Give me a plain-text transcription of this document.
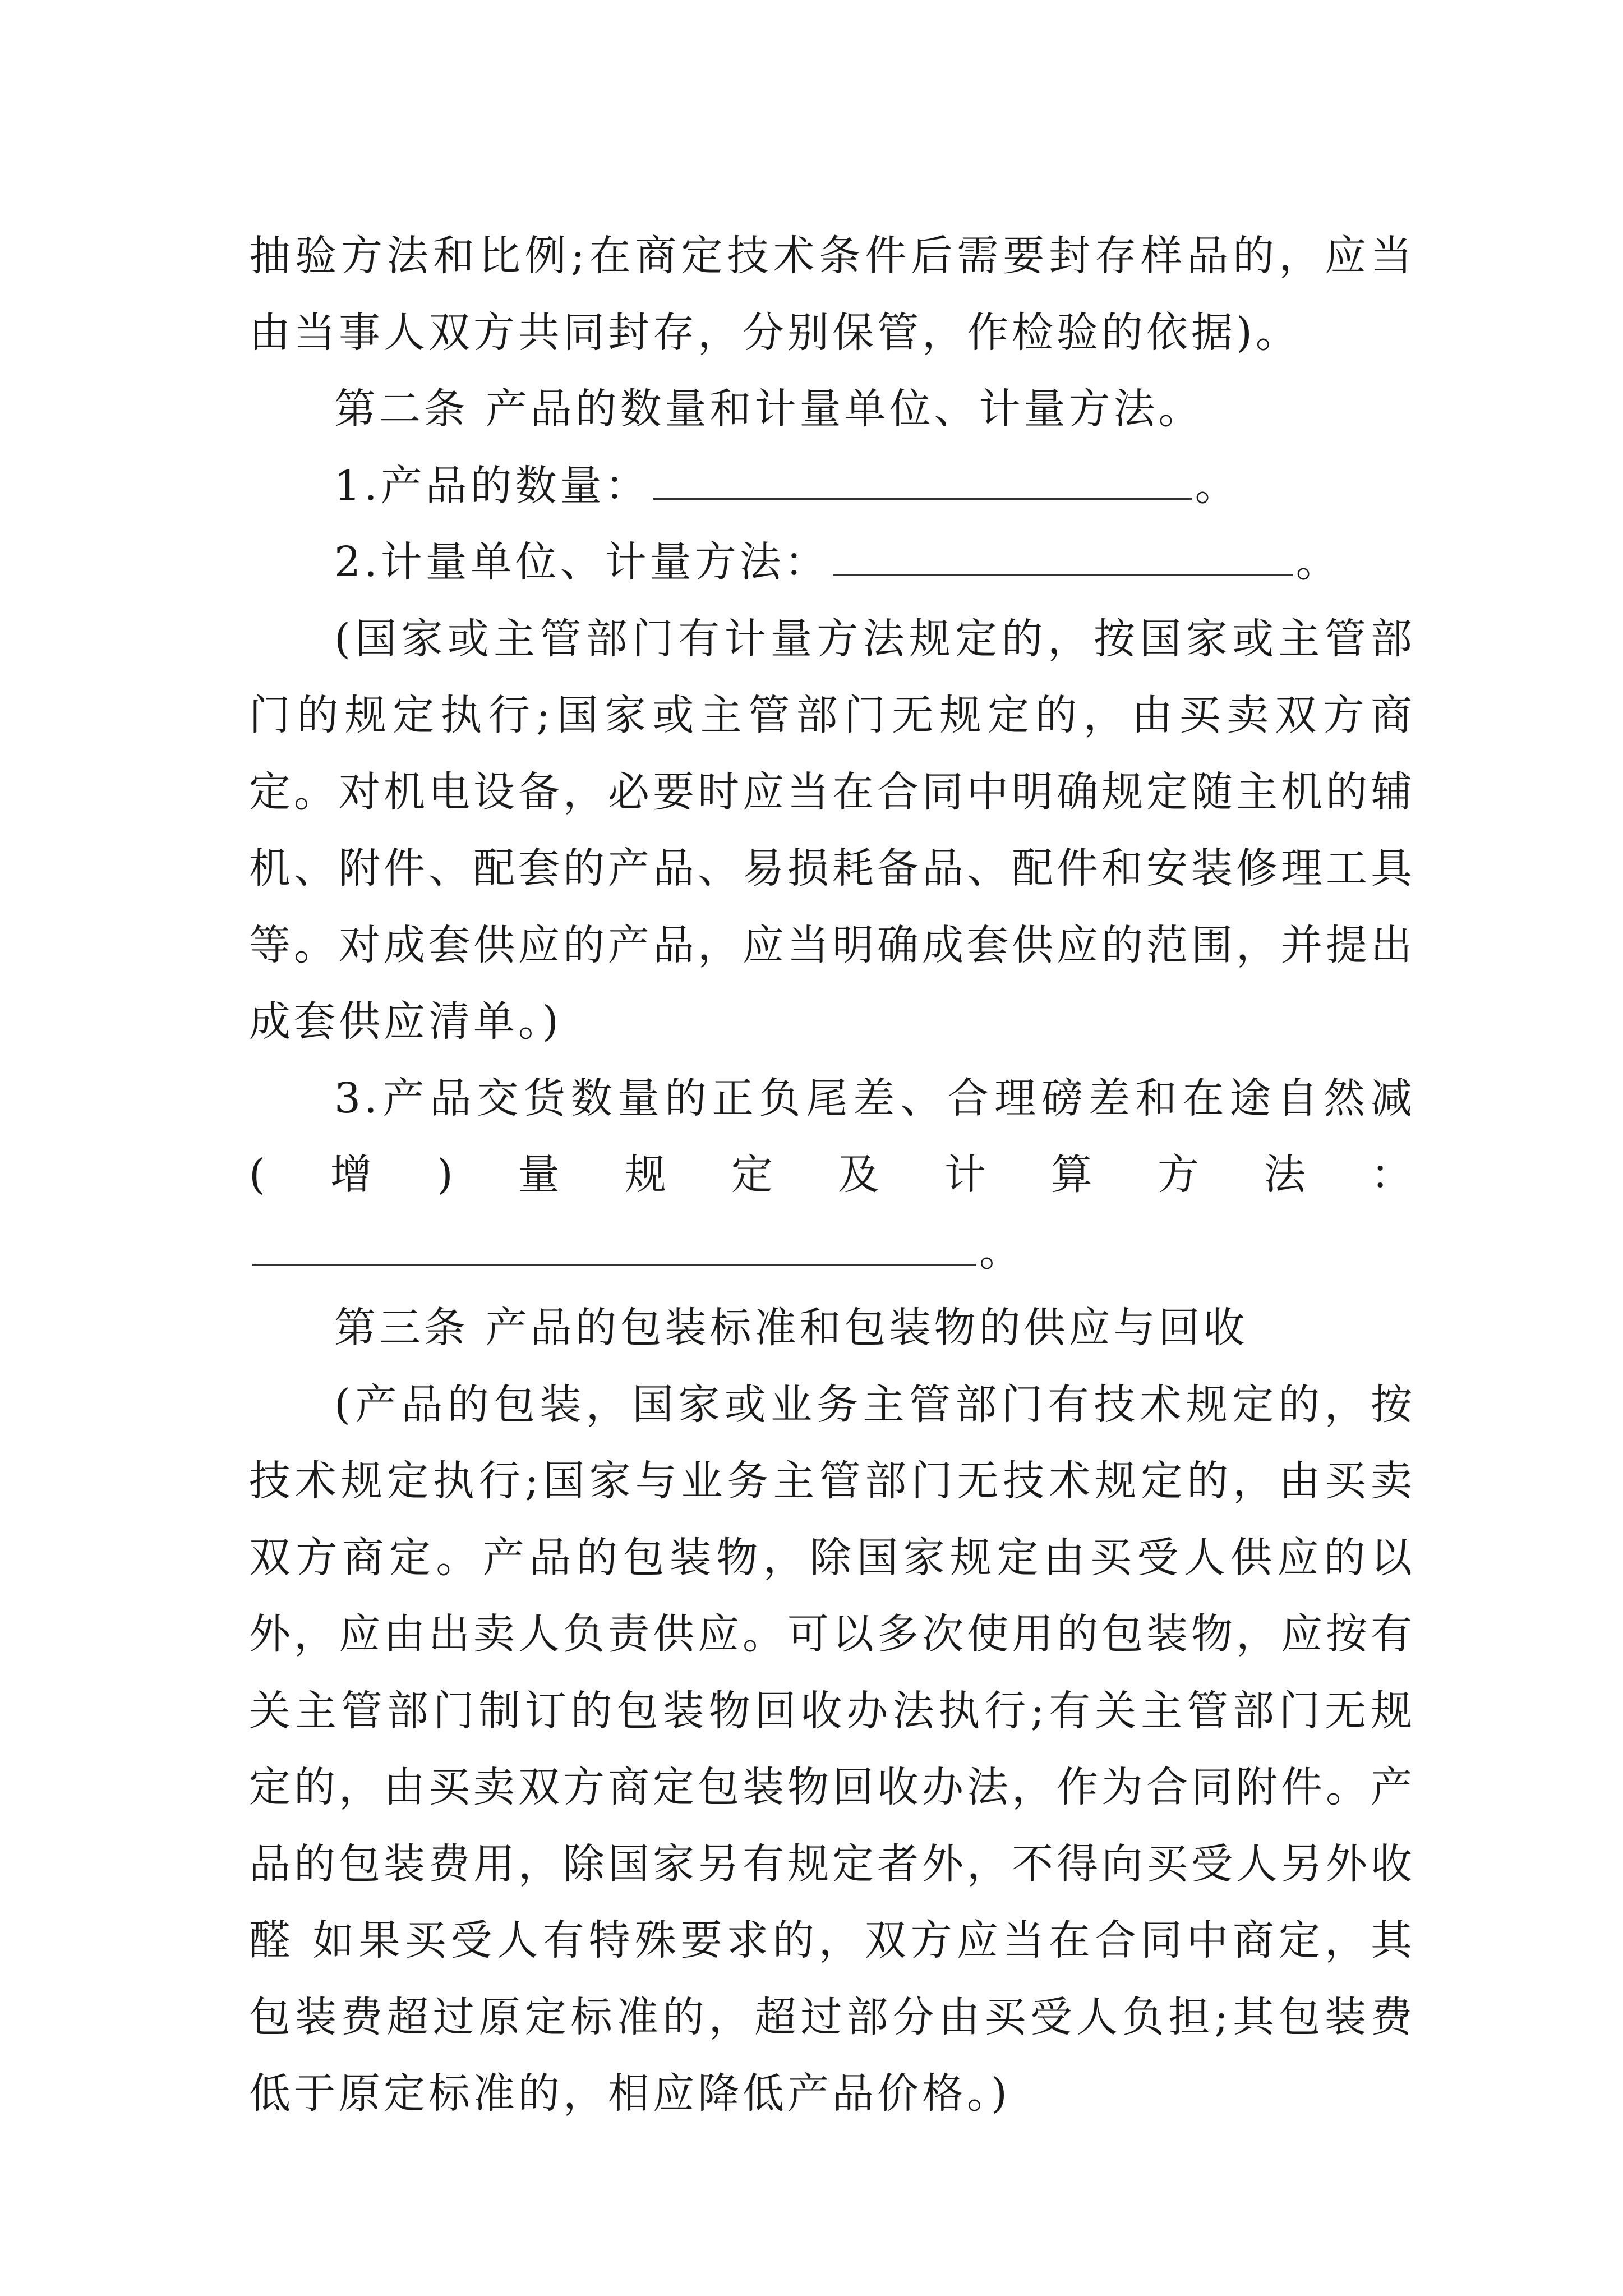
抽验方法和比例;在商定技术条件后需要封存样品的，应当由当事人双方共同封存，分别保管，作检验的依据)。

第二条 产品的数量和计量单位、计量方法。

1.产品的数量：	。

2.计量单位、计量方法：	。

(国家或主管部门有计量方法规定的，按国家或主管部门的规定执行;国家或主管部门无规定的，由买卖双方商定。对机电设备，必要时应当在合同中明确规定随主机的辅机、附件、配套的产品、易损耗备品、配件和安装修理工具等。对成套供应的产品，应当明确成套供应的范围，并提出成套供应清单。)

3.产品交货数量的正负尾差、合理磅差和在途自然减(增)量规定及计算方法：。

第三条 产品的包装标准和包装物的供应与回收

(产品的包装，国家或业务主管部门有技术规定的，按技术规定执行;国家与业务主管部门无技术规定的，由买卖双方商定。产品的包装物，除国家规定由买受人供应的以外，应由出卖人负责供应。可以多次使用的包装物，应按有关主管部门制订的包装物回收办法执行;有关主管部门无规定的，由买卖双方商定包装物回收办法，作为合同附件。产品的包装费用，除国家另有规定者外，不得向买受人另外收醛 如果买受人有特殊要求的，双方应当在合同中商定，其包装费超过原定标准的，超过部分由买受人负担;其包装费低于原定标准的，相应降低产品价格。)
